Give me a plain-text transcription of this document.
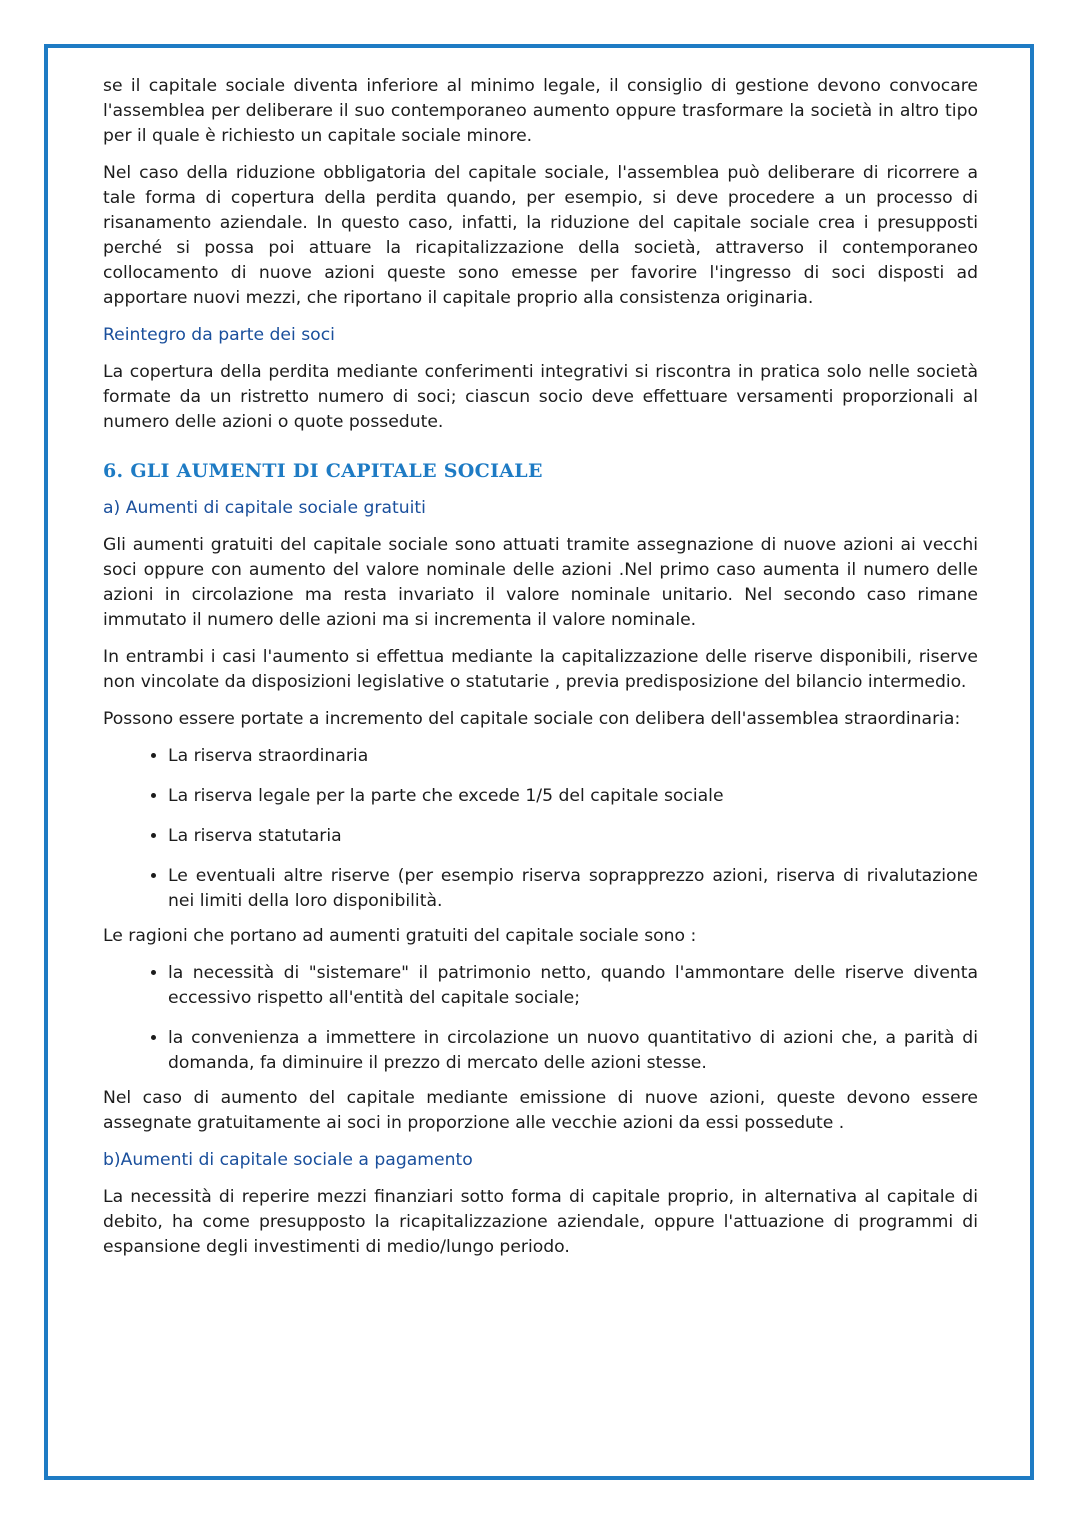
se il capitale sociale diventa inferiore al minimo legale, il consiglio di gestione devono convocare l'assemblea per deliberare il suo contemporaneo aumento oppure trasformare la società in altro tipo per il quale è richiesto un capitale sociale minore.

Nel caso della riduzione obbligatoria del capitale sociale, l'assemblea può deliberare di ricorrere a tale forma di copertura della perdita quando, per esempio, si deve procedere a un processo di risanamento aziendale. In questo caso, infatti, la riduzione del capitale sociale crea i presupposti perché si possa poi attuare la ricapitalizzazione della società, attraverso il contemporaneo collocamento di nuove azioni queste sono emesse per favorire l'ingresso di soci disposti ad apportare nuovi mezzi, che riportano il capitale proprio alla consistenza originaria.

Reintegro da parte dei soci

La copertura della perdita mediante conferimenti integrativi si riscontra in pratica solo nelle società formate da un ristretto numero di soci; ciascun socio deve effettuare versamenti proporzionali al numero delle azioni o quote possedute.

6. GLI AUMENTI DI CAPITALE SOCIALE
a) Aumenti di capitale sociale gratuiti

Gli aumenti gratuiti del capitale sociale sono attuati tramite assegnazione di nuove azioni ai vecchi soci oppure con aumento del valore nominale delle azioni .Nel primo caso aumenta il numero delle azioni in circolazione ma resta invariato il valore nominale unitario. Nel secondo caso rimane immutato il numero delle azioni ma si incrementa il valore nominale.

In entrambi i casi l'aumento si effettua mediante la capitalizzazione delle riserve disponibili, riserve non vincolate da disposizioni legislative o statutarie , previa predisposizione del bilancio intermedio.

Possono essere portate a incremento del capitale sociale con delibera dell'assemblea straordinaria:

• La riserva straordinaria
• La riserva legale per la parte che excede 1/5 del capitale sociale
• La riserva statutaria
• Le eventuali altre riserve (per esempio riserva soprapprezzo azioni, riserva di rivalutazione nei limiti della loro disponibilità.

Le ragioni che portano ad aumenti gratuiti del capitale sociale sono :

• la necessità di "sistemare" il patrimonio netto, quando l'ammontare delle riserve diventa eccessivo rispetto all'entità del capitale sociale;
• la convenienza a immettere in circolazione un nuovo quantitativo di azioni che, a parità di domanda, fa diminuire il prezzo di mercato delle azioni stesse.

Nel caso di aumento del capitale mediante emissione di nuove azioni, queste devono essere assegnate gratuitamente ai soci in proporzione alle vecchie azioni da essi possedute .

b)Aumenti di capitale sociale a pagamento

La necessità di reperire mezzi finanziari sotto forma di capitale proprio, in alternativa al capitale di debito, ha come presupposto la ricapitalizzazione aziendale, oppure l'attuazione di programmi di espansione degli investimenti di medio/lungo periodo.
